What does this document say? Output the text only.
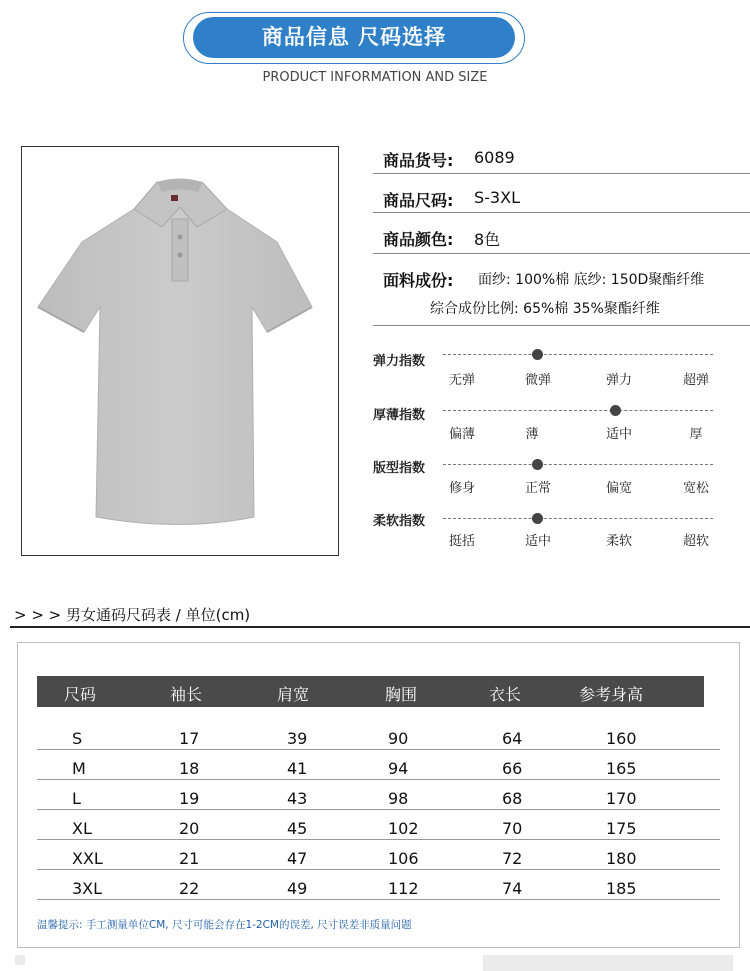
商品信息 尺码选择
PRODUCT INFORMATION AND SIZE
商品货号: 6089
商品尺码: S-3XL
商品颜色: 8色
面料成份: 面纱: 100%棉 底纱: 150D聚酯纤维
综合成份比例: 65%棉 35%聚酯纤维
弹力指数
无弹	微弹	弹力	超弹
厚薄指数
偏薄	薄	适中	厚
版型指数
修身	正常	偏宽	宽松
柔软指数
挺括	适中	柔软	超软
> > > 男女通码尺码表 / 单位(cm)
尺码	袖长	肩宽	胸围	衣长	参考身高
S	17	39	90	64	160
M	18	41	94	66	165
L	19	43	98	68	170
XL	20	45	102	70	175
XXL	21	47	106	72	180
3XL	22	49	112	74	185
温馨提示: 手工测量单位CM, 尺寸可能会存在1-2CM的误差, 尺寸误差非质量问题
